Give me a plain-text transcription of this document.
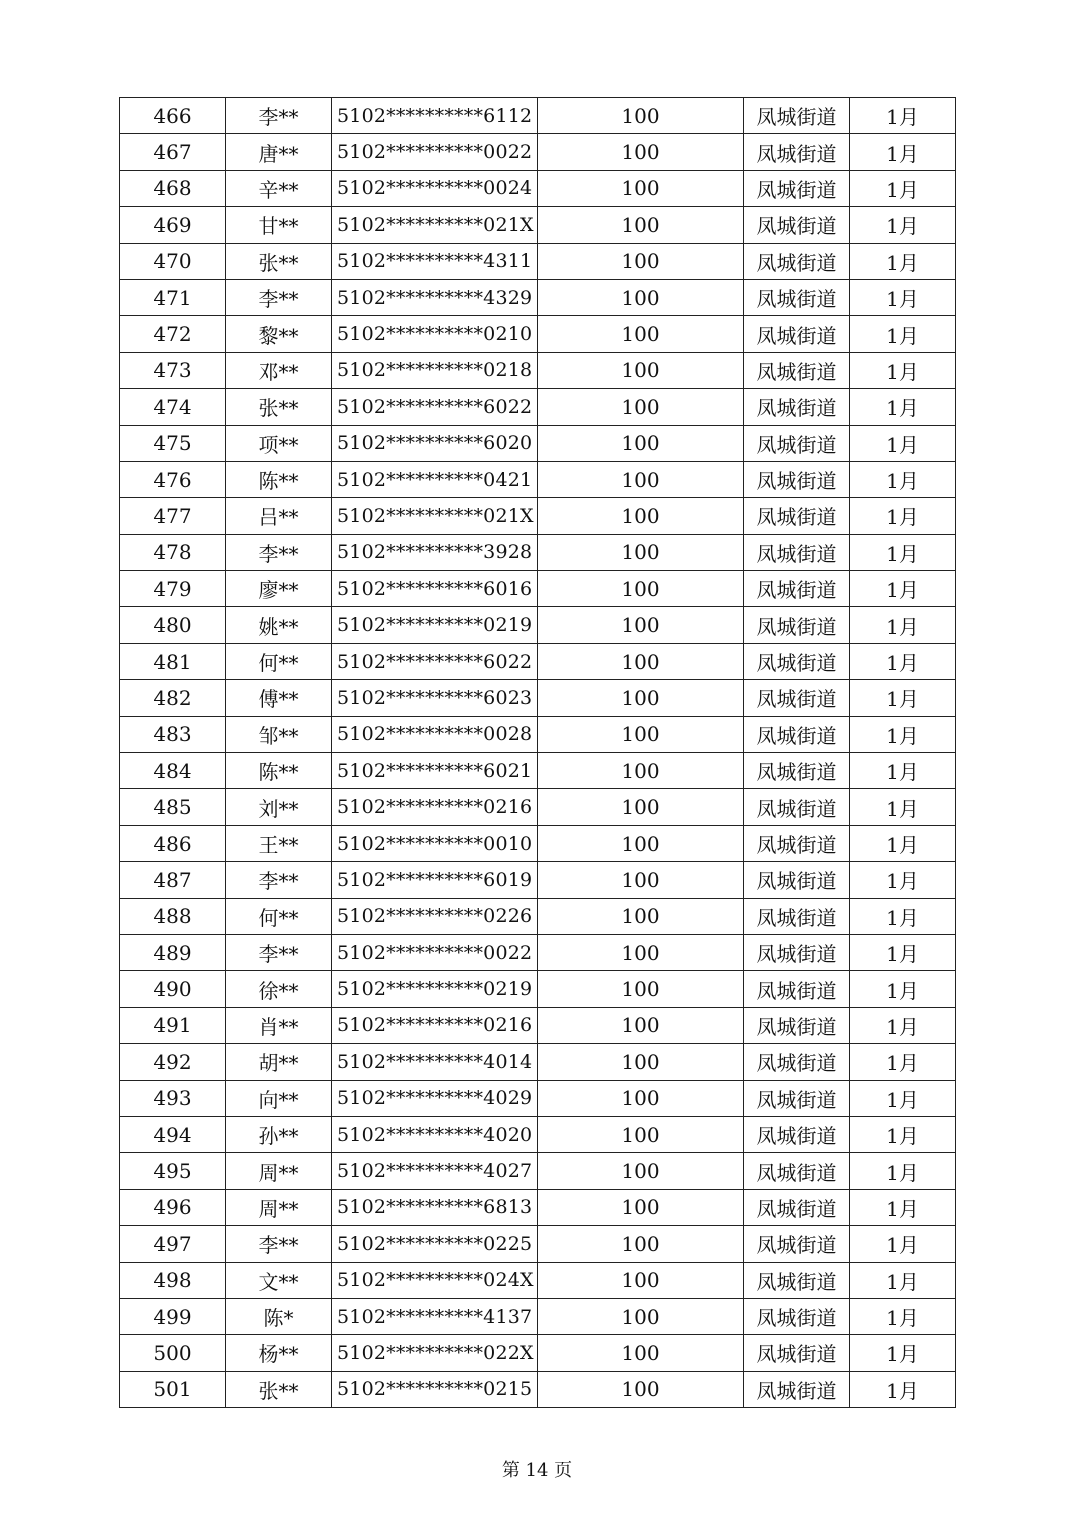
466	李**	5102**********6112	100	凤城街道	1月
467	唐**	5102**********0022	100	凤城街道	1月
468	辛**	5102**********0024	100	凤城街道	1月
469	甘**	5102**********021X	100	凤城街道	1月
470	张**	5102**********4311	100	凤城街道	1月
471	李**	5102**********4329	100	凤城街道	1月
472	黎**	5102**********0210	100	凤城街道	1月
473	邓**	5102**********0218	100	凤城街道	1月
474	张**	5102**********6022	100	凤城街道	1月
475	项**	5102**********6020	100	凤城街道	1月
476	陈**	5102**********0421	100	凤城街道	1月
477	吕**	5102**********021X	100	凤城街道	1月
478	李**	5102**********3928	100	凤城街道	1月
479	廖**	5102**********6016	100	凤城街道	1月
480	姚**	5102**********0219	100	凤城街道	1月
481	何**	5102**********6022	100	凤城街道	1月
482	傅**	5102**********6023	100	凤城街道	1月
483	邹**	5102**********0028	100	凤城街道	1月
484	陈**	5102**********6021	100	凤城街道	1月
485	刘**	5102**********0216	100	凤城街道	1月
486	王**	5102**********0010	100	凤城街道	1月
487	李**	5102**********6019	100	凤城街道	1月
488	何**	5102**********0226	100	凤城街道	1月
489	李**	5102**********0022	100	凤城街道	1月
490	徐**	5102**********0219	100	凤城街道	1月
491	肖**	5102**********0216	100	凤城街道	1月
492	胡**	5102**********4014	100	凤城街道	1月
493	向**	5102**********4029	100	凤城街道	1月
494	孙**	5102**********4020	100	凤城街道	1月
495	周**	5102**********4027	100	凤城街道	1月
496	周**	5102**********6813	100	凤城街道	1月
497	李**	5102**********0225	100	凤城街道	1月
498	文**	5102**********024X	100	凤城街道	1月
499	陈*	5102**********4137	100	凤城街道	1月
500	杨**	5102**********022X	100	凤城街道	1月
501	张**	5102**********0215	100	凤城街道	1月
第 14 页
